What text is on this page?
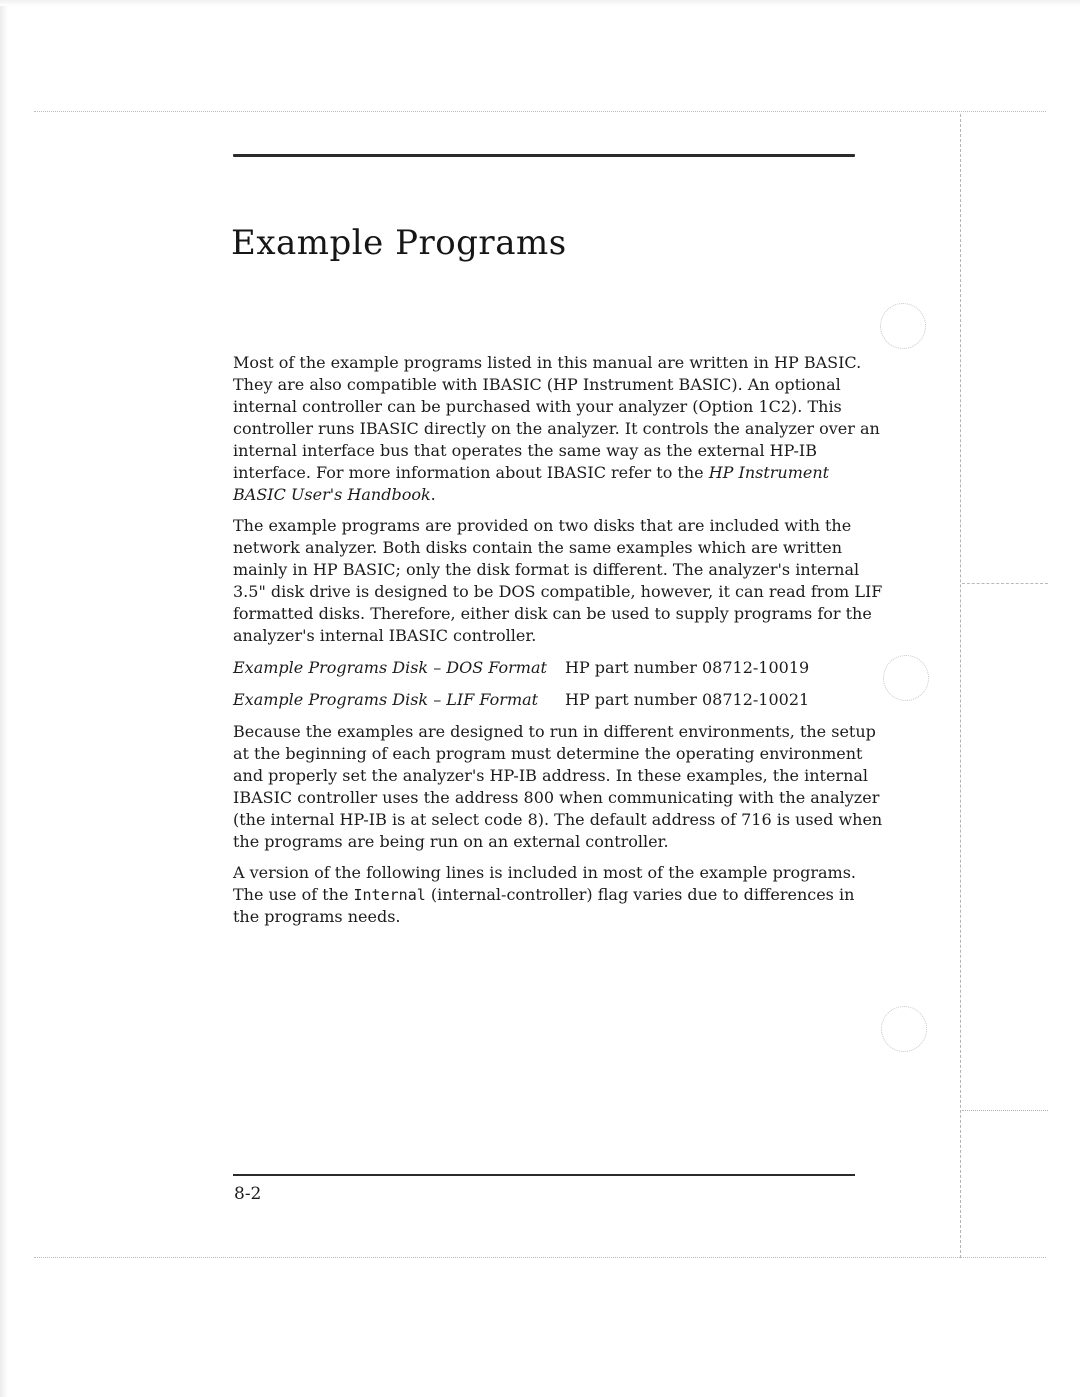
Example Programs

Most of the example programs listed in this manual are written in HP BASIC. They are also compatible with IBASIC (HP Instrument BASIC). An optional internal controller can be purchased with your analyzer (Option 1C2). This controller runs IBASIC directly on the analyzer. It controls the analyzer over an internal interface bus that operates the same way as the external HP-IB interface. For more information about IBASIC refer to the HP Instrument BASIC User's Handbook.

The example programs are provided on two disks that are included with the network analyzer. Both disks contain the same examples which are written mainly in HP BASIC; only the disk format is different. The analyzer's internal 3.5" disk drive is designed to be DOS compatible, however, it can read from LIF formatted disks. Therefore, either disk can be used to supply programs for the analyzer's internal IBASIC controller.

Example Programs Disk – DOS Format	HP part number 08712-10019
Example Programs Disk – LIF Format	HP part number 08712-10021

Because the examples are designed to run in different environments, the setup at the beginning of each program must determine the operating environment and properly set the analyzer's HP-IB address. In these examples, the internal IBASIC controller uses the address 800 when communicating with the analyzer (the internal HP-IB is at select code 8). The default address of 716 is used when the programs are being run on an external controller.

A version of the following lines is included in most of the example programs. The use of the Internal (internal-controller) flag varies due to differences in the programs needs.

8-2
